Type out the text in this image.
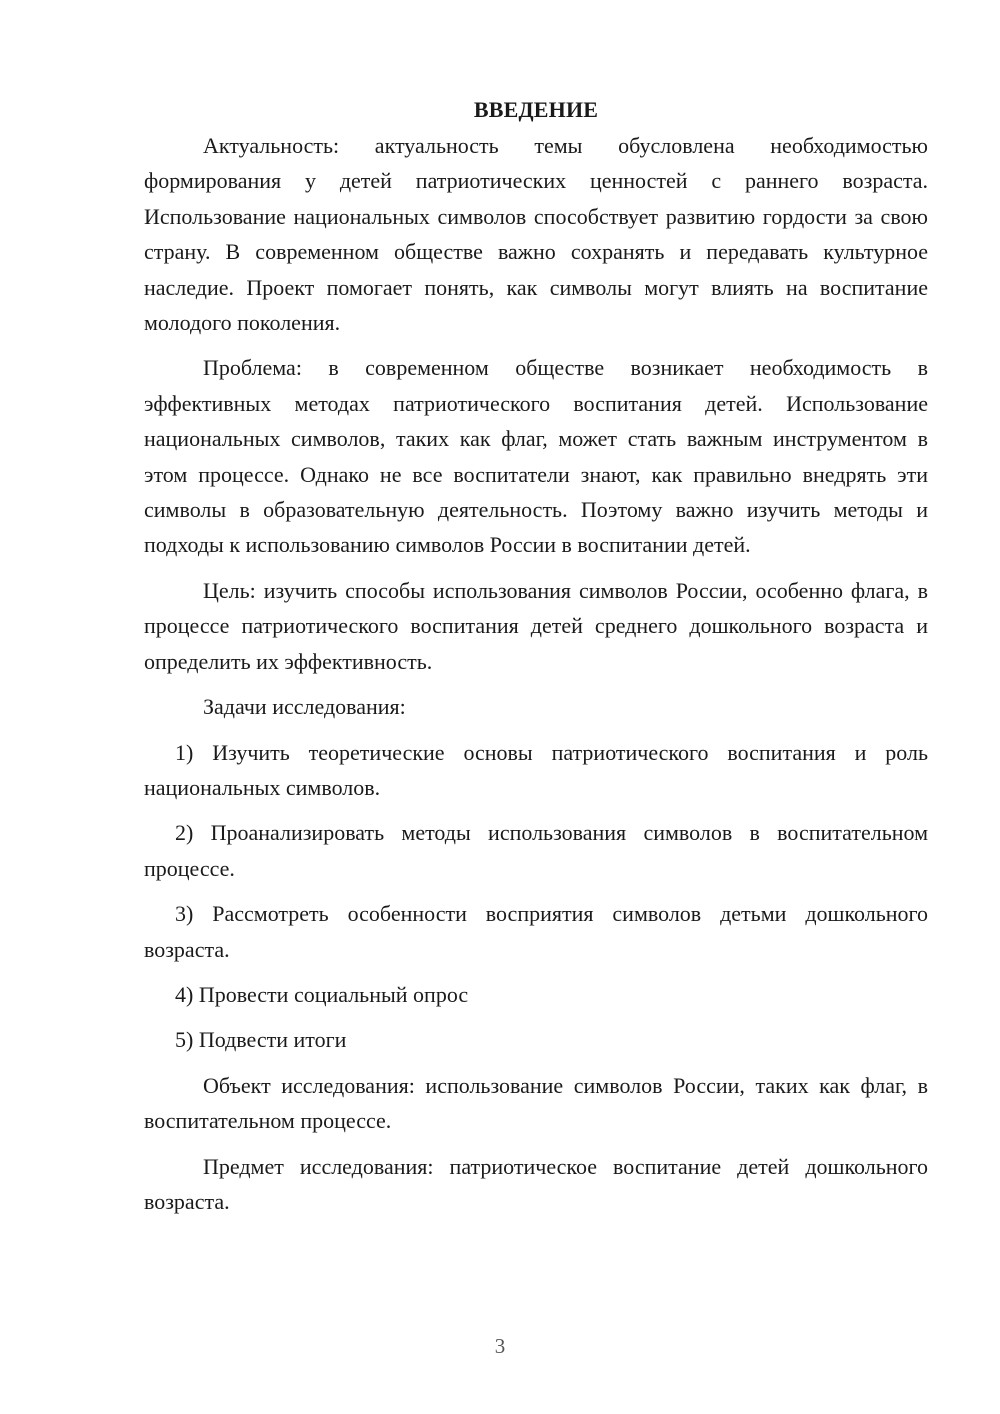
ВВЕДЕНИЕ

Актуальность: актуальность темы обусловлена необходимостью формирования у детей патриотических ценностей с раннего возраста. Использование национальных символов способствует развитию гордости за свою страну. В современном обществе важно сохранять и передавать культурное наследие. Проект помогает понять, как символы могут влиять на воспитание молодого поколения.

Проблема: в современном обществе возникает необходимость в эффективных методах патриотического воспитания детей. Использование национальных символов, таких как флаг, может стать важным инструментом в этом процессе. Однако не все воспитатели знают, как правильно внедрять эти символы в образовательную деятельность. Поэтому важно изучить методы и подходы к использованию символов России в воспитании детей.

Цель: изучить способы использования символов России, особенно флага, в процессе патриотического воспитания детей среднего дошкольного возраста и определить их эффективность.

Задачи исследования:

1) Изучить теоретические основы патриотического воспитания и роль национальных символов.

2) Проанализировать методы использования символов в воспитательном процессе.

3) Рассмотреть особенности восприятия символов детьми дошкольного возраста.

4) Провести социальный опрос

5) Подвести итоги

Объект исследования: использование символов России, таких как флаг, в воспитательном процессе.

Предмет исследования: патриотическое воспитание детей дошкольного возраста.

3
